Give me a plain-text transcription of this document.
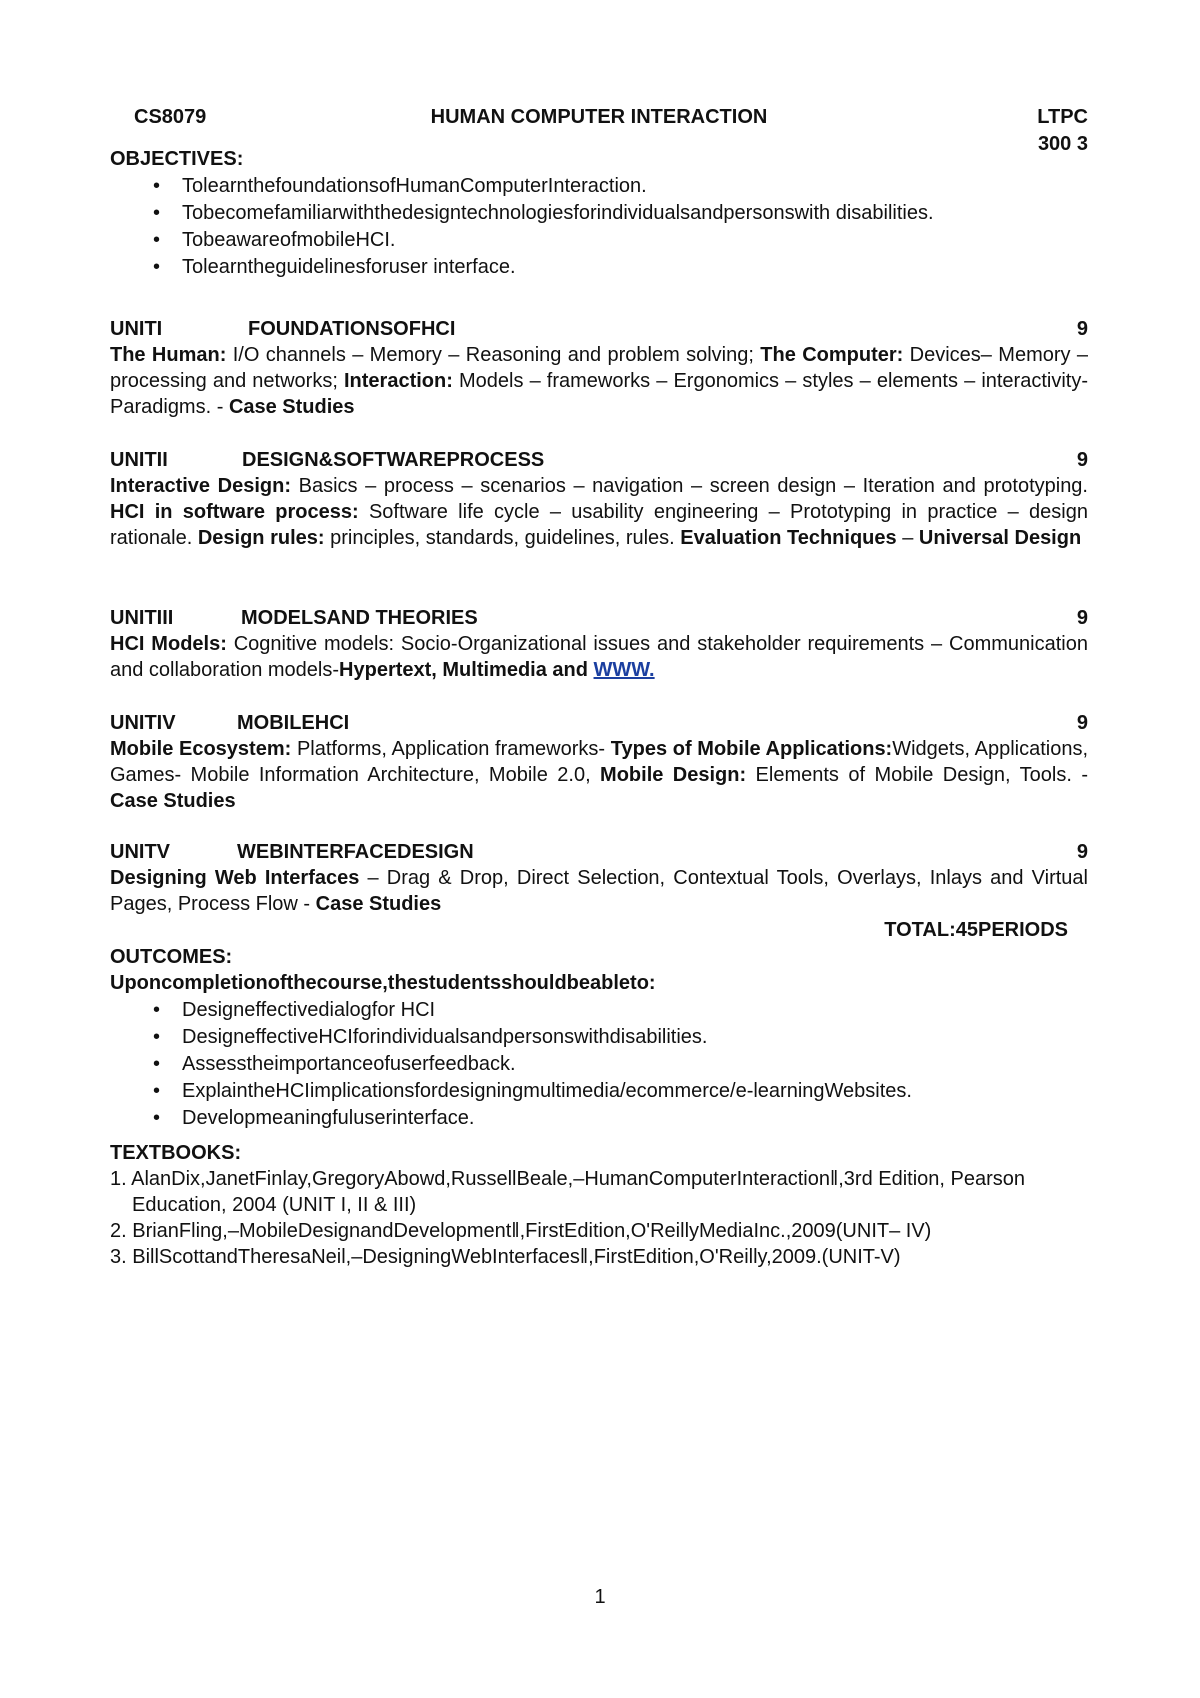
CS8079	HUMAN COMPUTER INTERACTION	LTPC
300 3
OBJECTIVES:
• TolearnthefoundationsofHumanComputerInteraction.
• Tobecomefamiliarwiththedesigntechnologiesforindividualsandpersonswith disabilities.
• TobeawareofmobileHCI.
• Tolearntheguidelinesforuser interface.
UNITI	FOUNDATIONSOFHCI	9
The Human: I/O channels – Memory – Reasoning and problem solving; The Computer: Devices– Memory – processing and networks; Interaction: Models – frameworks – Ergonomics – styles – elements – interactivity- Paradigms. - Case Studies
UNITII	DESIGN&SOFTWAREPROCESS	9
Interactive Design: Basics – process – scenarios – navigation – screen design – Iteration and prototyping. HCI in software process: Software life cycle – usability engineering – Prototyping in practice – design rationale. Design rules: principles, standards, guidelines, rules. Evaluation Techniques – Universal Design
UNITIII	MODELSAND THEORIES	9
HCI Models: Cognitive models: Socio-Organizational issues and stakeholder requirements – Communication and collaboration models-Hypertext, Multimedia and WWW.
UNITIV	MOBILEHCI	9
Mobile Ecosystem: Platforms, Application frameworks- Types of Mobile Applications:Widgets, Applications, Games- Mobile Information Architecture, Mobile 2.0, Mobile Design: Elements of Mobile Design, Tools. - Case Studies
UNITV	WEBINTERFACEDESIGN	9
Designing Web Interfaces – Drag & Drop, Direct Selection, Contextual Tools, Overlays, Inlays and Virtual Pages, Process Flow - Case Studies
TOTAL:45PERIODS
OUTCOMES:
Uponcompletionofthecourse,thestudentsshouldbeableto:
• Designeffectivedialogfor HCI
• DesigneffectiveHCIforindividualsandpersonswithdisabilities.
• Assesstheimportanceofuserfeedback.
• ExplaintheHCIimplicationsfordesigningmultimedia/ecommerce/e-learningWebsites.
• Developmeaningfuluserinterface.
TEXTBOOKS:
1. AlanDix,JanetFinlay,GregoryAbowd,RussellBeale,‒HumanComputerInteraction‖,3rd Edition, Pearson Education, 2004 (UNIT I, II & III)
2. BrianFling,‒MobileDesignandDevelopment‖,FirstEdition,O'ReillyMediaInc.,2009(UNIT– IV)
3. BillScottandTheresaNeil,‒DesigningWebInterfaces‖,FirstEdition,O'Reilly,2009.(UNIT-V)
1
